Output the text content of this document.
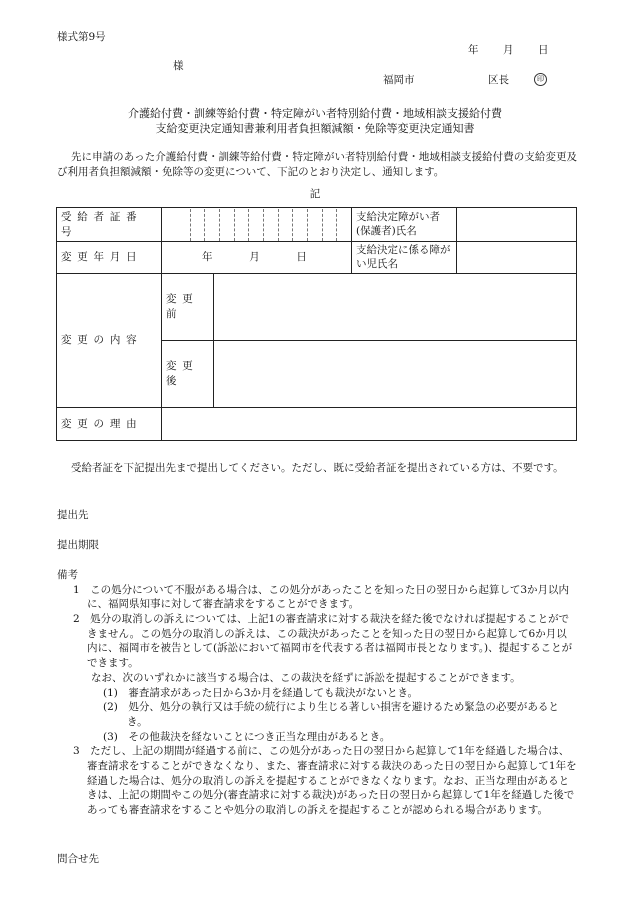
様式第9号
年 月 日
様
福岡市	区長	印
介護給付費・訓練等給付費・特定障がい者特別給付費・地域相談支援給付費
支給変更決定通知書兼利用者負担額減額・免除等変更決定通知書
先に申請のあった介護給付費・訓練等給付費・特定障がい者特別給付費・地域相談支援給付費の支給変更及び利用者負担額減額・免除等の変更について、下記のとおり決定し、通知します。
記
受給者証番号			支給決定障がい者(保護者)氏名	
変更年月日	年 月 日		支給決定に係る障がい児氏名	
変更の内容	変更前			
	変更後			
変更の理由				
受給者証を下記提出先まで提出してください。ただし、既に受給者証を提出されている方は、不要です。
提出先
提出期限

備考

1　この処分について不服がある場合は、この処分があったことを知った日の翌日から起算して3か月以内に、福岡県知事に対して審査請求をすることができます。

2　処分の取消しの訴えについては、上記1の審査請求に対する裁決を経た後でなければ提起することができません。この処分の取消しの訴えは、この裁決があったことを知った日の翌日から起算して6か月以内に、福岡市を被告として(訴訟において福岡市を代表する者は福岡市長となります。)、提起することができます。

なお、次のいずれかに該当する場合は、この裁決を経ずに訴訟を提起することができます。

(1)　審査請求があった日から3か月を経過しても裁決がないとき。

(2)　処分、処分の執行又は手続の続行により生じる著しい損害を避けるため緊急の必要があるとき。

(3)　その他裁決を経ないことにつき正当な理由があるとき。

3　ただし、上記の期間が経過する前に、この処分があった日の翌日から起算して1年を経過した場合は、審査請求をすることができなくなり、また、審査請求に対する裁決のあった日の翌日から起算して1年を経過した場合は、処分の取消しの訴えを提起することができなくなります。なお、正当な理由があるときは、上記の期間やこの処分(審査請求に対する裁決)があった日の翌日から起算して1年を経過した後であっても審査請求をすることや処分の取消しの訴えを提起することが認められる場合があります。

問合せ先
